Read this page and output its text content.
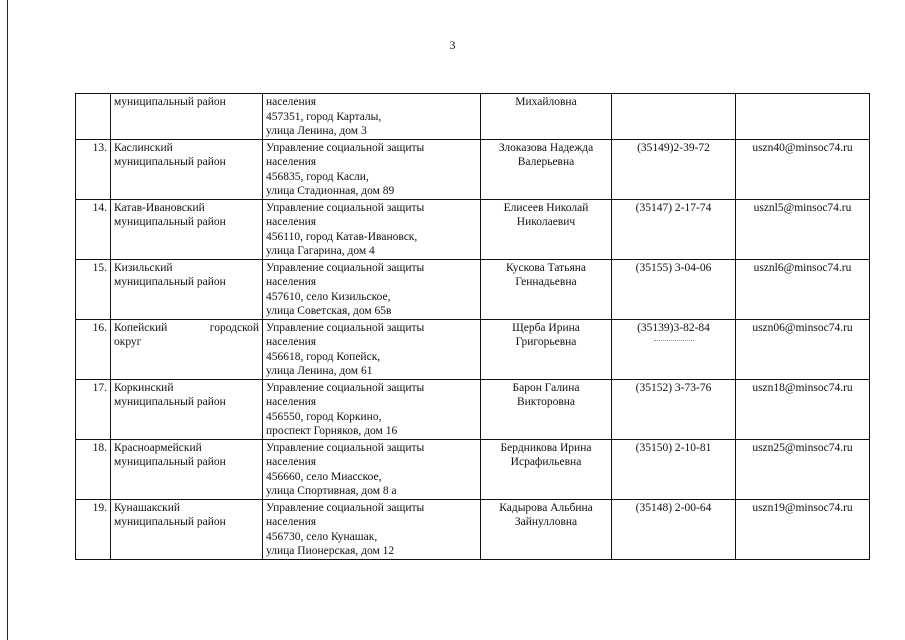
3

	муниципальный район	населения
457351, город Карталы,
улица Ленина, дом 3	Михайловна		

13.	Каслинский
муниципальный район	Управление социальной защиты
населения
456835, город Касли,
улица Стадионная, дом 89	Злоказова Надежда
Валерьевна	(35149)2-39-72	uszn40@minsoc74.ru

14.	Катав-Ивановский
муниципальный район	Управление социальной защиты
населения
456110, город Катав-Ивановск,
улица Гагарина, дом 4	Елисеев Николай
Николаевич	(35147) 2-17-74	usznl5@minsoc74.ru

15.	Кизильский
муниципальный район	Управление социальной защиты
населения
457610, село Кизильское,
улица Советская, дом 65в	Кускова Татьяна
Геннадьевна	(35155) 3-04-06	usznl6@minsoc74.ru

16.	Копейский городской
округ	Управление социальной защиты
населения
456618, город Копейск,
улица Ленина, дом 61	Щерба Ирина
Григорьевна	(35139)3-82-84	uszn06@minsoc74.ru

17.	Коркинский
муниципальный район	Управление социальной защиты
населения
456550, город Коркино,
проспект Горняков, дом 16	Барон Галина
Викторовна	(35152) 3-73-76	uszn18@minsoc74.ru

18.	Красноармейский
муниципальный район	Управление социальной защиты
населения
456660, село Миасское,
улица Спортивная, дом 8 а	Бердникова Ирина
Исрафильевна	(35150) 2-10-81	uszn25@minsoc74.ru

19.	Кунашакский
муниципальный район	Управление социальной защиты
населения
456730, село Кунашак,
улица Пионерская, дом 12	Кадырова Альбина
Зайнулловна	(35148) 2-00-64	uszn19@minsoc74.ru
